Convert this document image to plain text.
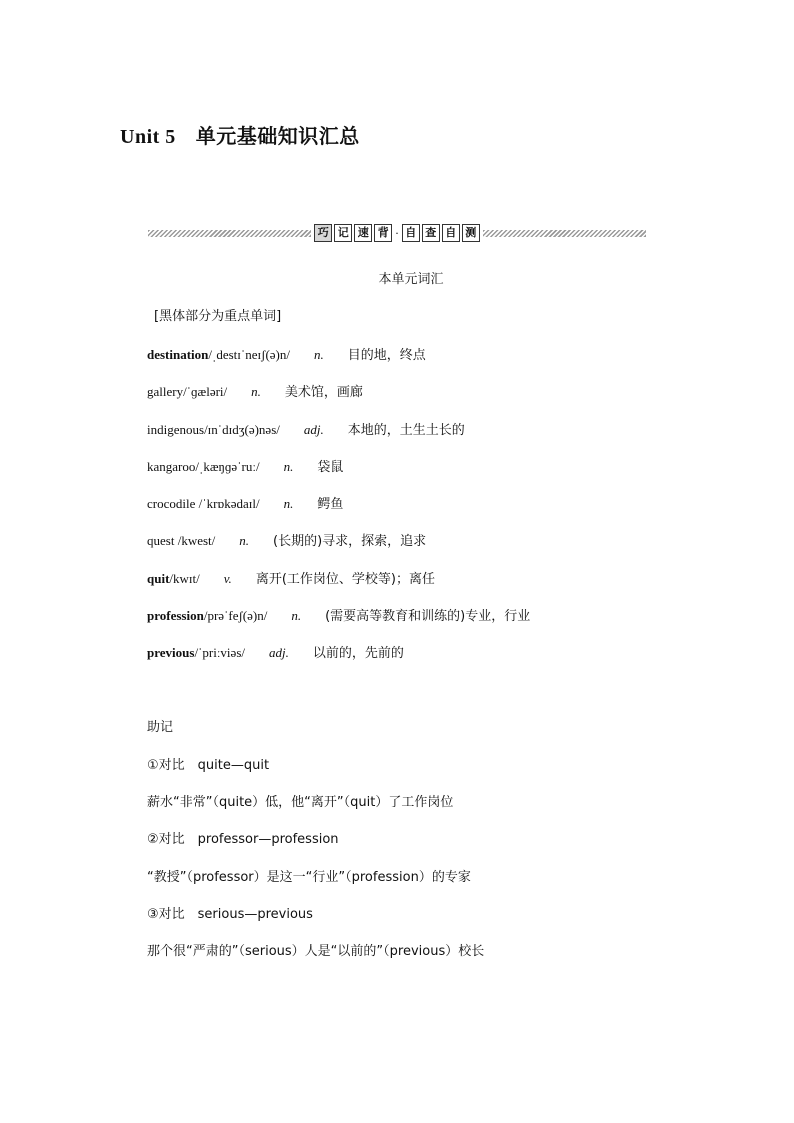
Unit 5 单元基础知识汇总
巧 记 速 背 · 自 查 自 测
本单元词汇
[黑体部分为重点单词]
destination/ˌdestɪˈneɪʃ(ə)n/ n. 目的地，终点
gallery/ˈɡæləri/ n. 美术馆，画廊
indigenous/ɪnˈdɪdʒ(ə)nəs/ adj. 本地的，土生土长的
kangaroo/ˌkæŋɡəˈruː/ n. 袋鼠
crocodile /ˈkrɒkədaɪl/ n. 鳄鱼
quest /kwest/ n. (长期的)寻求，探索，追求
quit/kwɪt/ v. 离开(工作岗位、学校等)；离任
profession/prəˈfeʃ(ə)n/ n. (需要高等教育和训练的)专业，行业
previous/ˈpriːviəs/ adj. 以前的，先前的
助记
①对比　quite—quit
薪水“非常”（quite）低，他“离开”（quit）了工作岗位
②对比　professor—profession
“教授”（professor）是这一“行业”（profession）的专家
③对比　serious—previous
那个很“严肃的”（serious）人是“以前的”（previous）校长
